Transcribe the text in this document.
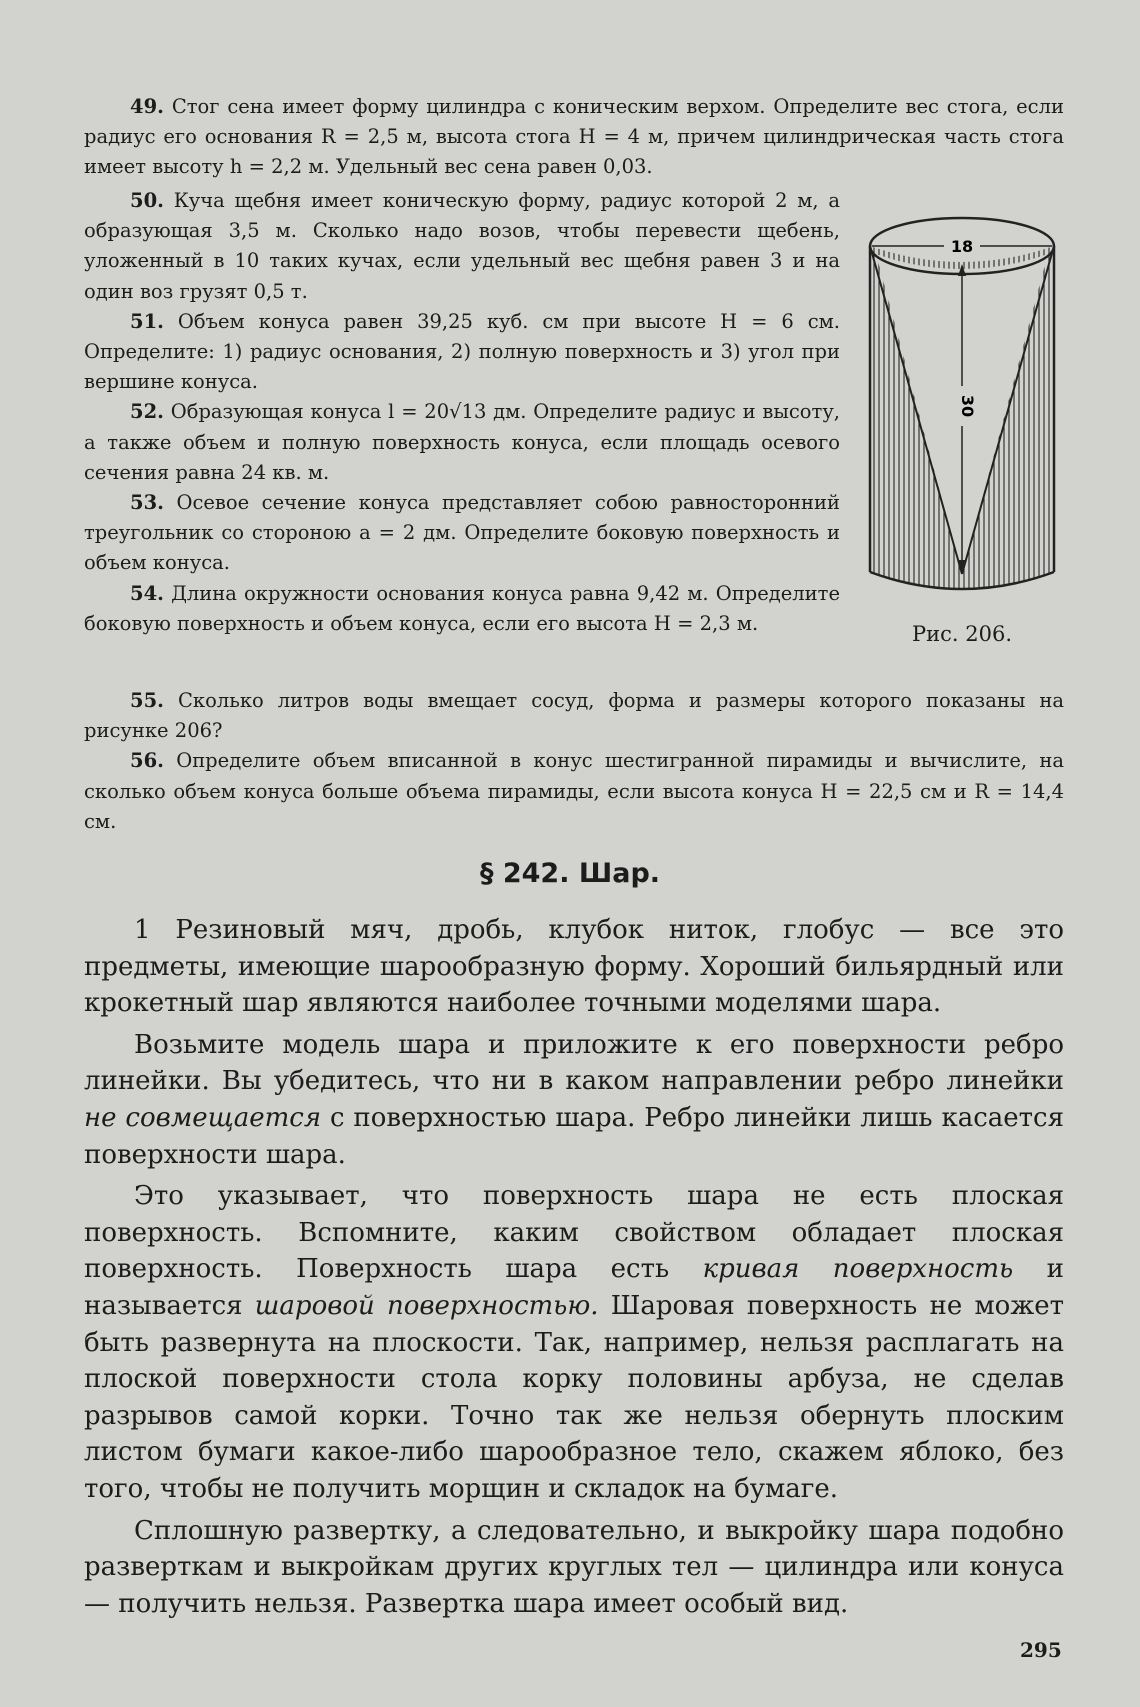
49. Стог сена имеет форму цилиндра с коническим верхом. Определите вес стога, если радиус его основания R = 2,5 м, высота стога H = 4 м, причем цилиндрическая часть стога имеет высоту h = 2,2 м. Удельный вес сена равен 0,03.

50. Куча щебня имеет коническую форму, радиус которой 2 м, а образующая 3,5 м. Сколько надо возов, чтобы перевести щебень, уложенный в 10 таких кучах, если удельный вес щебня равен 3 и на один воз грузят 0,5 т.

51. Объем конуса равен 39,25 куб. см при высоте H = 6 см. Определите: 1) радиус основания, 2) полную поверхность и 3) угол при вершине конуса.

52. Образующая конуса l = 20√13 дм. Определите радиус и высоту, а также объем и полную поверхность конуса, если площадь осевого сечения равна 24 кв. м.

53. Осевое сечение конуса представляет собою равносторонний треугольник со стороною a = 2 дм. Определите боковую поверхность и объем конуса.

54. Длина окружности основания конуса равна 9,42 м. Определите боковую поверхность и объем конуса, если его высота H = 2,3 м.

18
30
Рис. 206.

55. Сколько литров воды вмещает сосуд, форма и размеры которого показаны на рисунке 206?

56. Определите объем вписанной в конус шестигранной пирамиды и вычислите, на сколько объем конуса больше объема пирамиды, если высота конуса H = 22,5 см и R = 14,4 см.

§ 242. Шар.

1 Резиновый мяч, дробь, клубок ниток, глобус — все это предметы, имеющие шарообразную форму. Хороший бильярдный или крокетный шар являются наиболее точными моделями шара.

Возьмите модель шара и приложите к его поверхности ребро линейки. Вы убедитесь, что ни в каком направлении ребро линейки не совмещается с поверхностью шара. Ребро линейки лишь касается поверхности шара.

Это указывает, что поверхность шара не есть плоская поверхность. Вспомните, каким свойством обладает плоская поверхность. Поверхность шара есть кривая поверхность и называется шаровой поверхностью. Шаровая поверхность не может быть развернута на плоскости. Так, например, нельзя расплагать на плоской поверхности стола корку половины арбуза, не сделав разрывов самой корки. Точно так же нельзя обернуть плоским листом бумаги какое-либо шарообразное тело, скажем яблоко, без того, чтобы не получить морщин и складок на бумаге.

Сплошную развертку, а следовательно, и выкройку шара подобно разверткам и выкройкам других круглых тел — цилиндра или конуса — получить нельзя. Развертка шара имеет особый вид.

295
